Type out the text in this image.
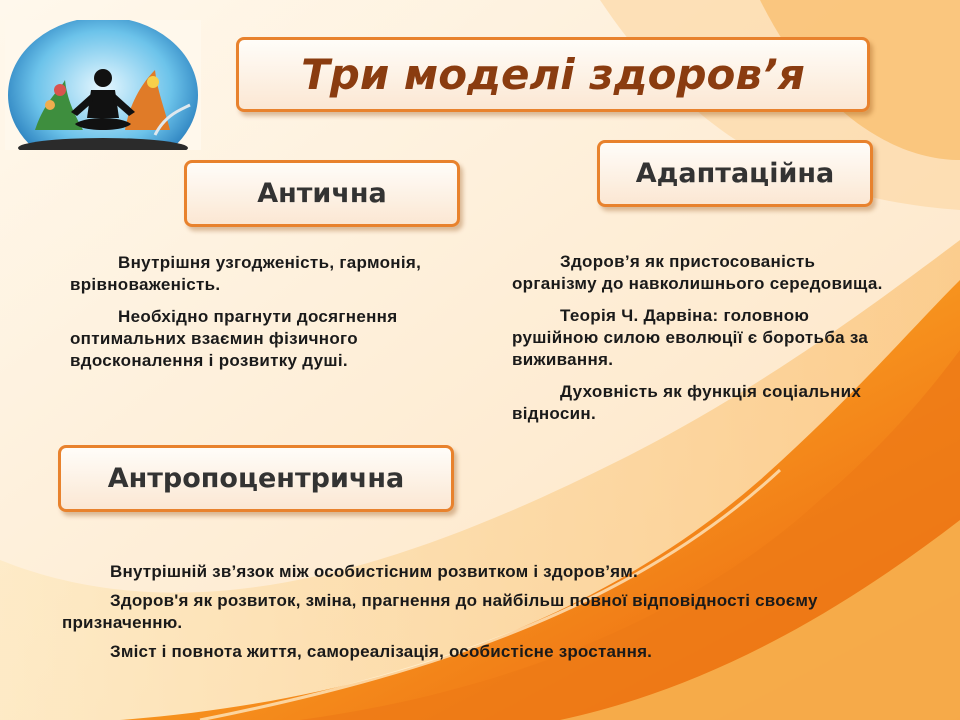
Три моделі здоров’я
Антична
Адаптаційна
Антропоцентрична

Внутрішня узгодженість, гармонія, врівноваженість.

Необхідно прагнути досягнення оптимальних взаємин фізичного вдосконалення і розвитку душі.

Здоров’я як пристосованість організму до навколишнього середовища.

Теорія Ч. Дарвіна: головною рушійною силою еволюції є боротьба за виживання.

Духовність як функція соціальних відносин.

Внутрішній зв’язок між особистісним розвитком і здоров’ям.

Здоров'я як розвиток, зміна, прагнення до найбільш повної відповідності своєму призначенню.

Зміст і повнота життя, самореалізація, особистісне зростання.
